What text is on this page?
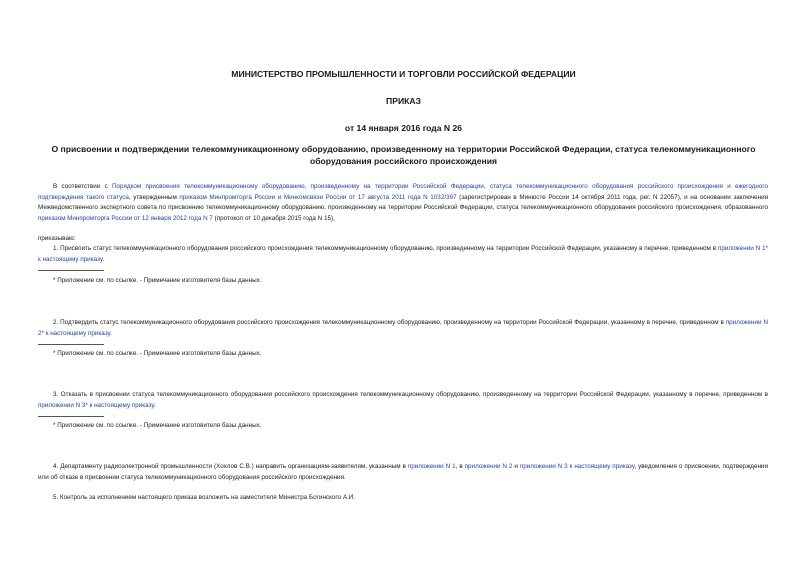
МИНИСТЕРСТВО ПРОМЫШЛЕННОСТИ И ТОРГОВЛИ РОССИЙСКОЙ ФЕДЕРАЦИИ

ПРИКАЗ

от 14 января 2016 года N 26

О присвоении и подтверждении телекоммуникационному оборудованию, произведенному на территории Российской Федерации, статуса телекоммуникационного оборудования российского происхождения

В соответствии с Порядком присвоения телекоммуникационному оборудованию, произведенному на территории Российской Федерации, статуса телекоммуникационного оборудования российского происхождения и ежегодного подтверждения такого статуса, утвержденным приказом Минпромторга России и Минкомсвязи России от 17 августа 2011 года N 1032/397 (зарегистрирован в Минюсте России 14 октября 2011 года, рег. N 22057), и на основании заключения Межведомственного экспертного совета по присвоению телекоммуникационному оборудованию, произведенному на территории Российской Федерации, статуса телекоммуникационного оборудования российского происхождения, образованного приказом Минпромторга России от 12 января 2012 года N 7 (протокол от 10 декабря 2015 года N 15),

приказываю:

1. Присвоить статус телекоммуникационного оборудования российского происхождения телекоммуникационному оборудованию, произведенному на территории Российской Федерации, указанному в перечне, приведенном в приложении N 1* к настоящему приказу.

* Приложение см. по ссылке. - Примечание изготовителя базы данных.

2. Подтвердить статус телекоммуникационного оборудования российского происхождения телекоммуникационному оборудованию, произведенному на территории Российской Федерации, указанному в перечне, приведенном в приложении N 2* к настоящему приказу.

* Приложение см. по ссылке. - Примечание изготовителя базы данных.

3. Отказать в присвоении статуса телекоммуникационного оборудования российского происхождения телекоммуникационному оборудованию, произведенному на территории Российской Федерации, указанному в перечне, приведенном в приложении N 3* к настоящему приказу.

* Приложение см. по ссылке. - Примечание изготовителя базы данных.

4. Департаменту радиоэлектронной промышленности (Хохлов С.В.) направить организациям-заявителям, указанным в приложении N 1, в приложении N 2 и приложении N 3 к настоящему приказу, уведомления о присвоении, подтверждении или об отказе в присвоении статуса телекоммуникационного оборудования российского происхождения.

5. Контроль за исполнением настоящего приказа возложить на заместителя Министра Богинского А.И.
